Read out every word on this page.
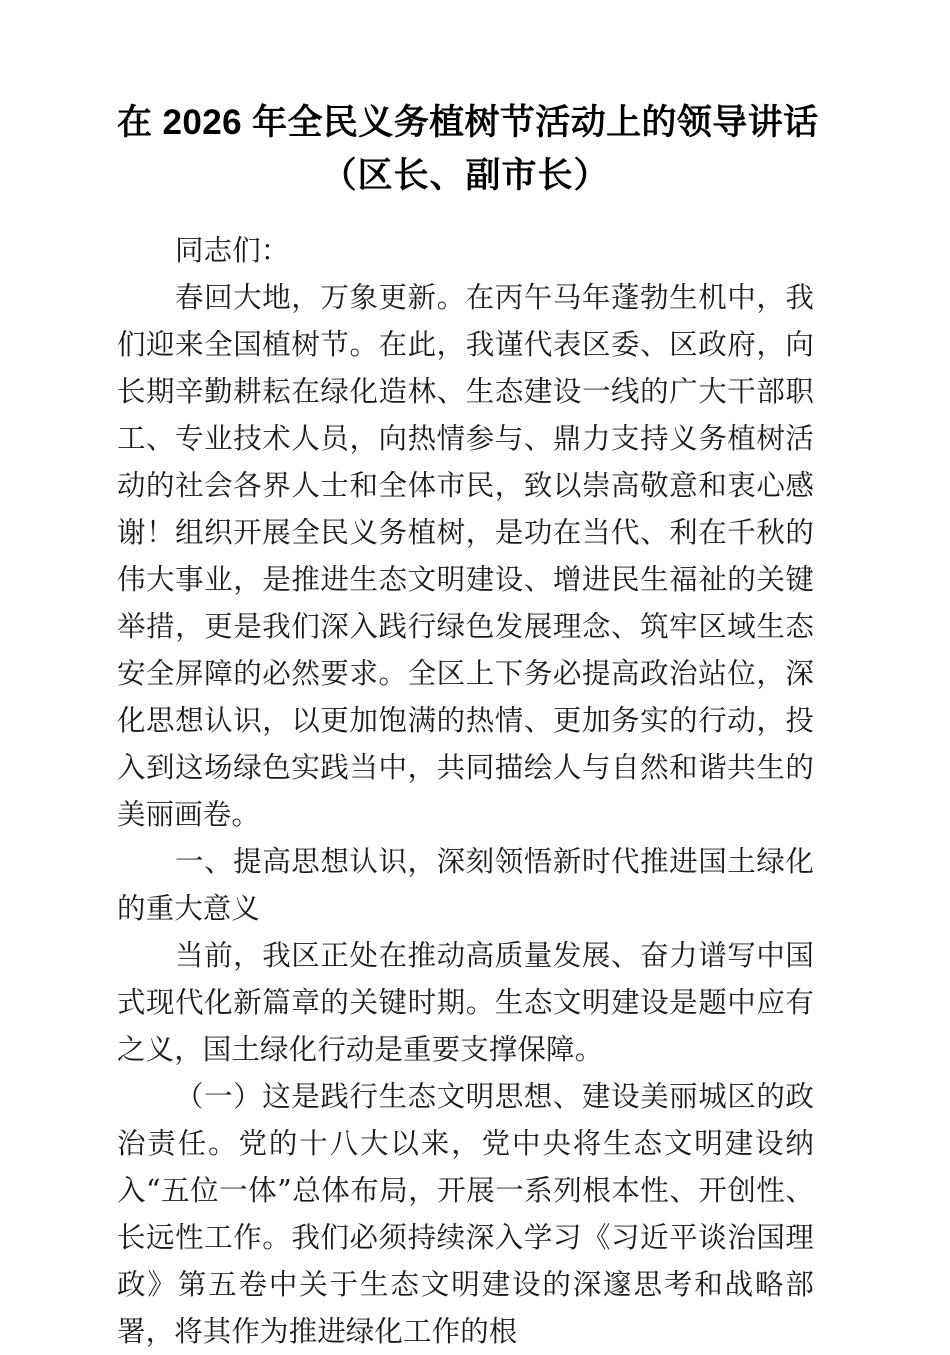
在 2026 年全民义务植树节活动上的领导讲话
（区长、副市长）

同志们：

春回大地，万象更新。在丙午马年蓬勃生机中，我们迎来全国植树节。在此，我谨代表区委、区政府，向长期辛勤耕耘在绿化造林、生态建设一线的广大干部职工、专业技术人员，向热情参与、鼎力支持义务植树活动的社会各界人士和全体市民，致以崇高敬意和衷心感谢！组织开展全民义务植树，是功在当代、利在千秋的伟大事业，是推进生态文明建设、增进民生福祉的关键举措，更是我们深入践行绿色发展理念、筑牢区域生态安全屏障的必然要求。全区上下务必提高政治站位，深化思想认识，以更加饱满的热情、更加务实的行动，投入到这场绿色实践当中，共同描绘人与自然和谐共生的美丽画卷。

一、提高思想认识，深刻领悟新时代推进国土绿化的重大意义

当前，我区正处在推动高质量发展、奋力谱写中国式现代化新篇章的关键时期。生态文明建设是题中应有之义，国土绿化行动是重要支撑保障。

（一）这是践行生态文明思想、建设美丽城区的政治责任。党的十八大以来，党中央将生态文明建设纳入“五位一体”总体布局，开展一系列根本性、开创性、长远性工作。我们必须持续深入学习《习近平谈治国理政》第五卷中关于生态文明建设的深邃思考和战略部署，将其作为推进绿化工作的根
